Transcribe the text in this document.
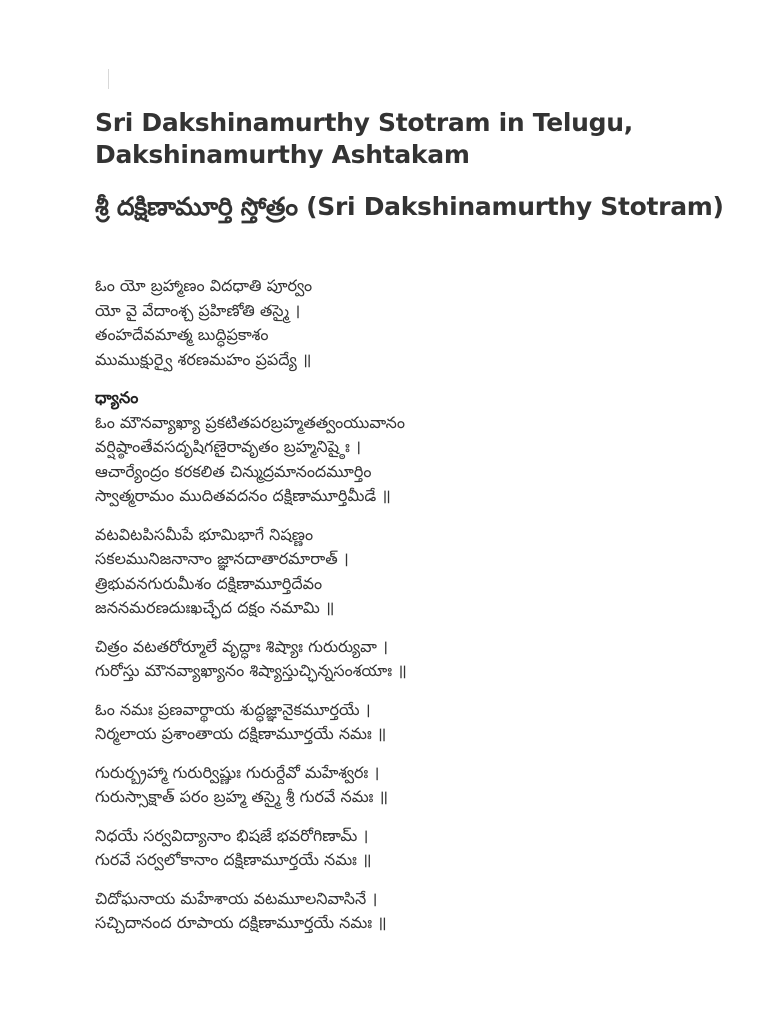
Sri Dakshinamurthy Stotram in Telugu, Dakshinamurthy Ashtakam
శ్రీ దక్షిణామూర్తి స్తోత్రం (Sri Dakshinamurthy Stotram)
ఓం యో బ్రహ్మాణం విదధాతి పూర్వం
యో వై వేదాంశ్చ ప్రహిణోతి తస్మై ।
తంహదేవమాత్మ బుద్ధిప్రకాశం
ముముక్షుర్వై శరణమహం ప్రపద్యే ॥
ధ్యానం
ఓం మౌనవ్యాఖ్యా ప్రకటితపరబ్రహ్మతత్వంయువానం
వర్షిష్ఠాంతేవసదృషిగణైరావృతం బ్రహ్మనిష్ఠైః ।
ఆచార్యేంద్రం కరకలిత చిన్ముద్రమానందమూర్తిం
స్వాత్మరామం ముదితవదనం దక్షిణామూర్తిమీడే ॥
వటవిటపిసమీపే భూమిభాగే నిషణ్ణం
సకలమునిజనానాం జ్ఞానదాతారమారాత్ ।
త్రిభువనగురుమీశం దక్షిణామూర్తిదేవం
జననమరణదుఃఖచ్ఛేద దక్షం నమామి ॥
చిత్రం వటతరోర్మూలే వృద్ధాః శిష్యాః గురుర్యువా ।
గురోస్తు మౌనవ్యాఖ్యానం శిష్యాస్తుచ్ఛిన్నసంశయాః ॥
ఓం నమః ప్రణవార్థాయ శుద్ధజ్ఞానైకమూర్తయే ।
నిర్మలాయ ప్రశాంతాయ దక్షిణామూర్తయే నమః ॥
గురుర్బ్రహ్మా గురుర్విష్ణుః గురుర్దేవో మహేశ్వరః ।
గురుస్సాక్షాత్ పరం బ్రహ్మ తస్మై శ్రీ గురవే నమః ॥
నిధయే సర్వవిద్యానాం భిషజే భవరోగిణామ్ ।
గురవే సర్వలోకానాం దక్షిణామూర్తయే నమః ॥
చిదోఘనాయ మహేశాయ వటమూలనివాసినే ।
సచ్చిదానంద రూపాయ దక్షిణామూర్తయే నమః ॥
